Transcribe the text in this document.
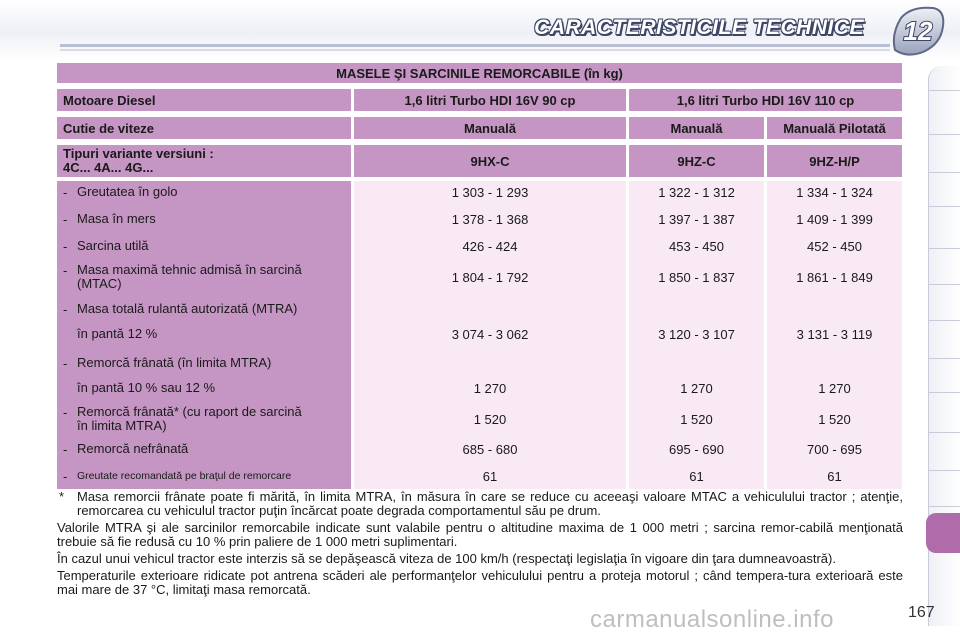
CARACTERISTICILE TECHNICE 12
MASELE ŞI SARCINILE REMORCABILE (în kg)
Motoare Diesel	1,6 litri Turbo HDI 16V 90 cp	1,6 litri Turbo HDI 16V 110 cp
Cutie de viteze	Manuală	Manuală	Manuală Pilotată
Tipuri variante versiuni :
4C... 4A... 4G...	9HX-C	9HZ-C	9HZ-H/P
- Greutatea în golo	1 303 - 1 293	1 322 - 1 312	1 334 - 1 324
- Masa în mers	1 378 - 1 368	1 397 - 1 387	1 409 - 1 399
- Sarcina utilă	426 - 424	453 - 450	452 - 450
- Masa maximă tehnic admisă în sarcină
(MTAC)	1 804 - 1 792	1 850 - 1 837	1 861 - 1 849
- Masa totală rulantă autorizată (MTRA)
în pantă 12 %	3 074 - 3 062	3 120 - 3 107	3 131 - 3 119
- Remorcă frânată (în limita MTRA)
în pantă 10 % sau 12 %	1 270	1 270	1 270
- Remorcă frânată* (cu raport de sarcină
în limita MTRA)	1 520	1 520	1 520
- Remorcă nefrânată	685 - 680	695 - 690	700 - 695
- Greutate recomandată pe braţul de remorcare	61	61	61

* Masa remorcii frânate poate fi mărită, în limita MTRA, în măsura în care se reduce cu aceeaşi valoare MTAC a vehiculului tractor ; atenţie, remorcarea cu vehiculul tractor puţin încărcat poate degrada comportamentul său pe drum.

Valorile MTRA şi ale sarcinilor remorcabile indicate sunt valabile pentru o altitudine maxima de 1 000 metri ; sarcina remor-cabilă menţionată trebuie să fie redusă cu 10 % prin paliere de 1 000 metri suplimentari.

În cazul unui vehicul tractor este interzis să se depăşească viteza de 100 km/h (respectaţi legislaţia în vigoare din ţara dumneavoastră).

Temperaturile exterioare ridicate pot antrena scăderi ale performanţelor vehiculului pentru a proteja motorul ; când tempera-tura exterioară este mai mare de 37 °C, limitaţi masa remorcată.

carmanualsonline.info	167
